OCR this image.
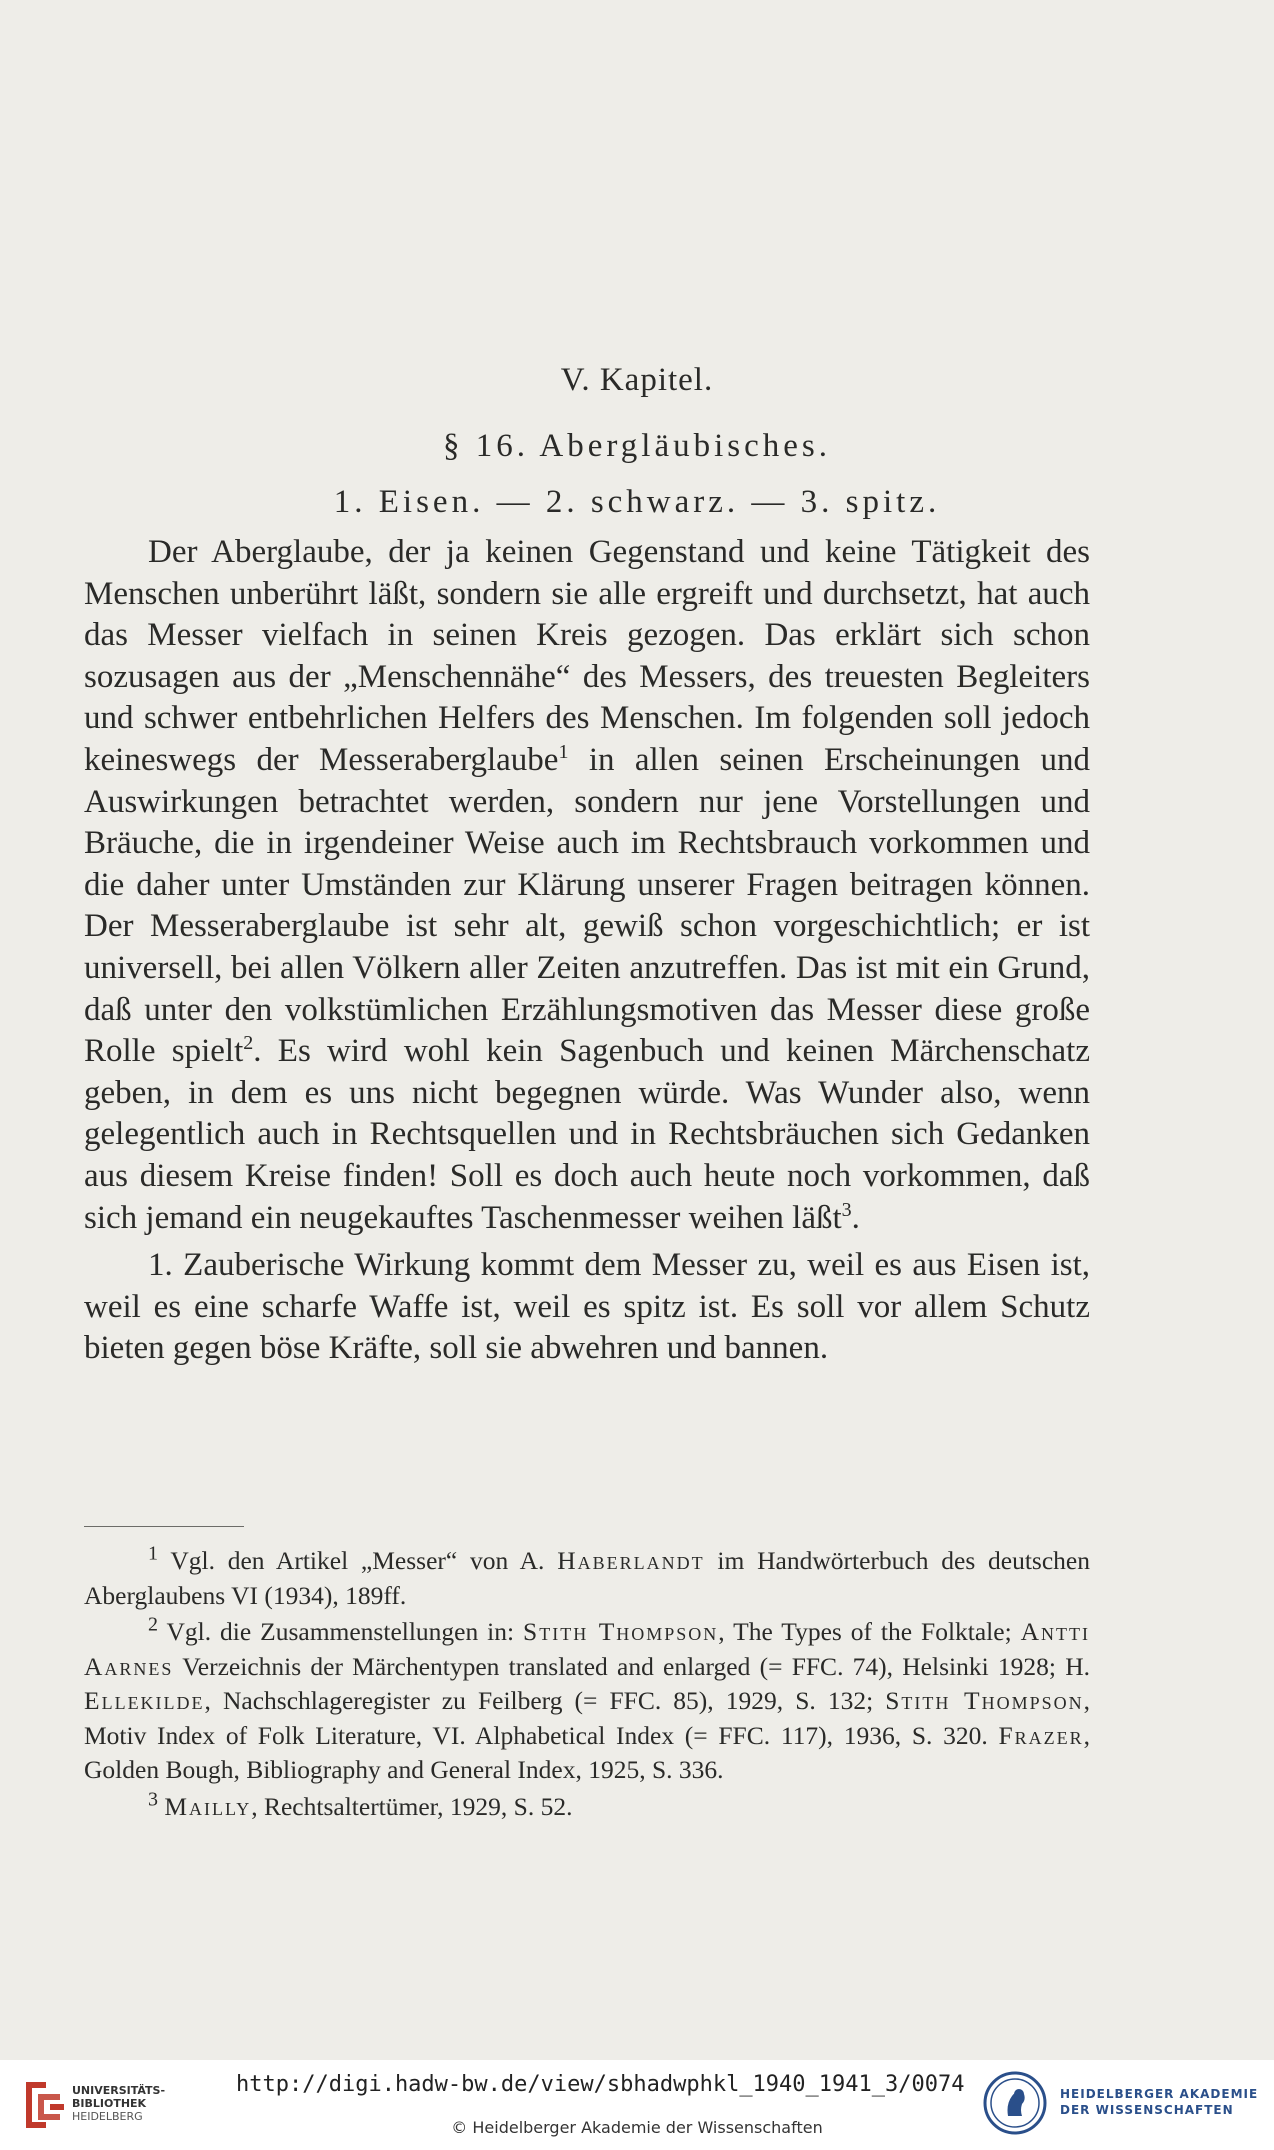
V. Kapitel.
§ 16. Abergläubisches.
1. Eisen. — 2. schwarz. — 3. spitz.

Der Aberglaube, der ja keinen Gegenstand und keine Tätigkeit des Menschen unberührt läßt, sondern sie alle ergreift und durchsetzt, hat auch das Messer vielfach in seinen Kreis gezogen. Das erklärt sich schon sozusagen aus der „Menschennähe“ des Messers, des treuesten Begleiters und schwer entbehrlichen Helfers des Menschen. Im folgenden soll jedoch keineswegs der Messeraberglaube$^1$ in allen seinen Erscheinungen und Auswirkungen betrachtet werden, sondern nur jene Vorstellungen und Bräuche, die in irgendeiner Weise auch im Rechtsbrauch vorkommen und die daher unter Umständen zur Klärung unserer Fragen beitragen können. Der Messeraberglaube ist sehr alt, gewiß schon vorgeschichtlich; er ist universell, bei allen Völkern aller Zeiten anzutreffen. Das ist mit ein Grund, daß unter den volkstümlichen Erzählungsmotiven das Messer diese große Rolle spielt$^2$. Es wird wohl kein Sagenbuch und keinen Märchenschatz geben, in dem es uns nicht begegnen würde. Was Wunder also, wenn gelegentlich auch in Rechtsquellen und in Rechtsbräuchen sich Gedanken aus diesem Kreise finden! Soll es doch auch heute noch vorkommen, daß sich jemand ein neugekauftes Taschenmesser weihen läßt$^3$.

1. Zauberische Wirkung kommt dem Messer zu, weil es aus Eisen ist, weil es eine scharfe Waffe ist, weil es spitz ist. Es soll vor allem Schutz bieten gegen böse Kräfte, soll sie abwehren und bannen.

$^1$ Vgl. den Artikel „Messer“ von A. Haberlandt im Handwörterbuch des deutschen Aberglaubens VI (1934), 189ff.

$^2$ Vgl. die Zusammenstellungen in: Stith Thompson, The Types of the Folktale; Antti Aarnes Verzeichnis der Märchentypen translated and enlarged (= FFC. 74), Helsinki 1928; H. Ellekilde, Nachschlageregister zu Feilberg (= FFC. 85), 1929, S. 132; Stith Thompson, Motiv Index of Folk Literature, VI. Alphabetical Index (= FFC. 117), 1936, S. 320. Frazer, Golden Bough, Bibliography and General Index, 1925, S. 336.

$^3$ Mailly, Rechtsaltertümer, 1929, S. 52.

UNIVERSITÄTS-
BIBLIOTHEK
HEIDELBERG
http://digi.hadw-bw.de/view/sbhadwphkl_1940_1941_3/0074
© Heidelberger Akademie der Wissenschaften
HEIDELBERGER AKADEMIE
DER WISSENSCHAFTEN
